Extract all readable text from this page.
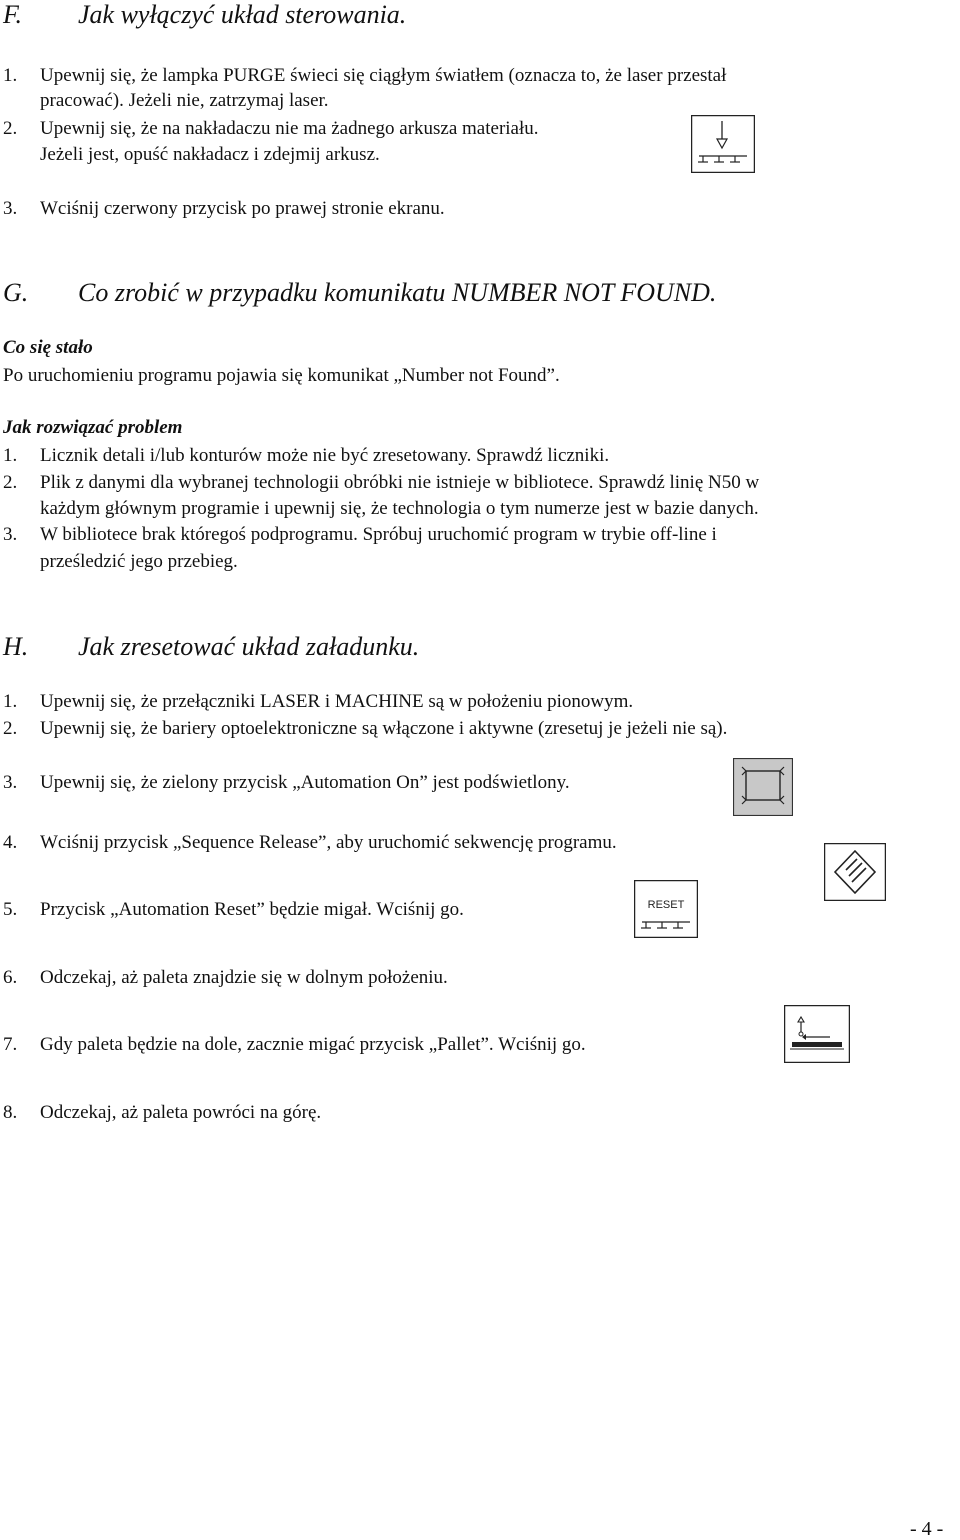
F. Jak wyłączyć układ sterowania.
1. Upewnij się, że lampka PURGE świeci się ciągłym światłem (oznacza to, że laser przestał
pracować). Jeżeli nie, zatrzymaj laser.
2. Upewnij się, że na nakładaczu nie ma żadnego arkusza materiału.
Jeżeli jest, opuść nakładacz i zdejmij arkusz.
3. Wciśnij czerwony przycisk po prawej stronie ekranu.
G. Co zrobić w przypadku komunikatu NUMBER NOT FOUND.
Co się stało
Po uruchomieniu programu pojawia się komunikat „Number not Found”.
Jak rozwiązać problem
1. Licznik detali i/lub konturów może nie być zresetowany. Sprawdź liczniki.
2. Plik z danymi dla wybranej technologii obróbki nie istnieje w bibliotece. Sprawdź linię N50 w
każdym głównym programie i upewnij się, że technologia o tym numerze jest w bazie danych.
3. W bibliotece brak któregoś podprogramu. Spróbuj uruchomić program w trybie off-line i
prześledzić jego przebieg.
H. Jak zresetować układ załadunku.
1. Upewnij się, że przełączniki LASER i MACHINE są w położeniu pionowym.
2. Upewnij się, że bariery optoelektroniczne są włączone i aktywne (zresetuj je jeżeli nie są).
3. Upewnij się, że zielony przycisk „Automation On” jest podświetlony.
4. Wciśnij przycisk „Sequence Release”, aby uruchomić sekwencję programu.
5. Przycisk „Automation Reset” będzie migał. Wciśnij go.
6. Odczekaj, aż paleta znajdzie się w dolnym położeniu.
7. Gdy paleta będzie na dole, zacznie migać przycisk „Pallet”. Wciśnij go.
8. Odczekaj, aż paleta powróci na górę.
RESET
- 4 -
